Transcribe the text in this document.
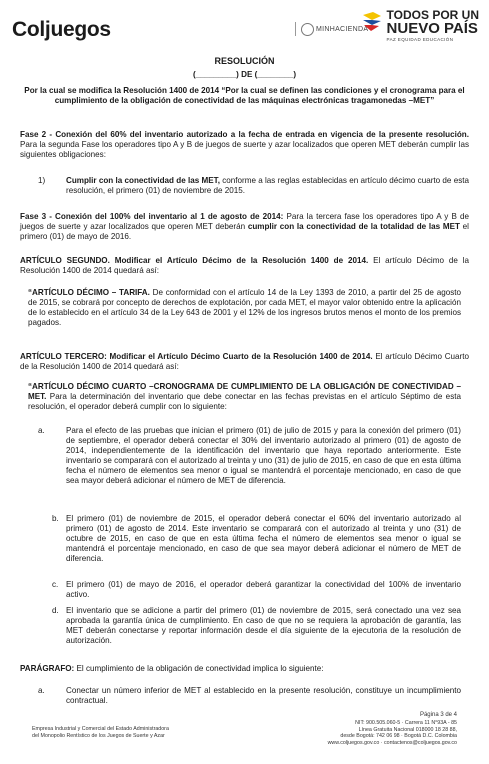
Coljuegos	MINHACIENDA
TODOS POR UN
NUEVO PAÍS
PAZ EQUIDAD EDUCACIÓN
RESOLUCIÓN
(_________) DE (________)
Por la cual se modifica la Resolución 1400 de 2014 “Por la cual se definen las condiciones y el cronograma para el cumplimiento de la obligación de conectividad de las máquinas electrónicas tragamonedas –MET”

Fase 2 - Conexión del 60% del inventario autorizado a la fecha de entrada en vigencia de la presente resolución. Para la segunda Fase los operadores tipo A y B de juegos de suerte y azar localizados que operen MET deberán cumplir las siguientes obligaciones:

1)	Cumplir con la conectividad de las MET, conforme a las reglas establecidas en artículo décimo cuarto de esta resolución, el primero (01) de noviembre de 2015.

Fase 3 - Conexión del 100% del inventario al 1 de agosto de 2014: Para la tercera fase los operadores tipo A y B de juegos de suerte y azar localizados que operen MET deberán cumplir con la conectividad de la totalidad de las MET el primero (01) de mayo de 2016.

ARTÍCULO SEGUNDO. Modificar el Artículo Décimo de la Resolución 1400 de 2014. El artículo Décimo de la Resolución 1400 de 2014 quedará así:

“ARTÍCULO DÉCIMO – TARIFA. De conformidad con el artículo 14 de la Ley 1393 de 2010, a partir del 25 de agosto de 2015, se cobrará por concepto de derechos de explotación, por cada MET, el mayor valor obtenido entre la aplicación de lo establecido en el artículo 34 de la Ley 643 de 2001 y el 12% de los ingresos brutos menos el monto de los premios pagados.

ARTÍCULO TERCERO: Modificar el Artículo Décimo Cuarto de la Resolución 1400 de 2014. El artículo Décimo Cuarto de la Resolución 1400 de 2014 quedará así:

“ARTÍCULO DÉCIMO CUARTO –CRONOGRAMA DE CUMPLIMIENTO DE LA OBLIGACIÓN DE CONECTIVIDAD – MET. Para la determinación del inventario que debe conectar en las fechas previstas en el artículo Séptimo de esta resolución, el operador deberá cumplir con lo siguiente:

a.	Para el efecto de las pruebas que inician el primero (01) de julio de 2015 y para la conexión del primero (01) de septiembre, el operador deberá conectar el 30% del inventario autorizado al primero (01) de agosto de 2014, independientemente de la identificación del inventario que haya reportado anteriormente. Este inventario se comparará con el autorizado al treinta y uno (31) de julio de 2015, en caso de que en esta última fecha el número de elementos sea menor o igual se mantendrá el porcentaje mencionado, en caso de que sea mayor deberá adicionar el número de MET de diferencia.

b. El primero (01) de noviembre de 2015, el operador deberá conectar el 60% del inventario autorizado al primero (01) de agosto de 2014. Este inventario se comparará con el autorizado al treinta y uno (31) de octubre de 2015, en caso de que en esta última fecha el número de elementos sea menor o igual se mantendrá el porcentaje mencionado, en caso de que sea mayor deberá adicionar el número de MET de diferencia.

c. El primero (01) de mayo de 2016, el operador deberá garantizar la conectividad del 100% de inventario activo.

d. El inventario que se adicione a partir del primero (01) de noviembre de 2015, será conectado una vez sea aprobada la garantía única de cumplimiento. En caso de que no se requiera la aprobación de garantía, las MET deberán conectarse y reportar información desde el día siguiente de la ejecutoria de la resolución de autorización.

PARÁGRAFO: El cumplimiento de la obligación de conectividad implica lo siguiente:

a.	Conectar un número inferior de MET al establecido en la presente resolución, constituye un incumplimiento contractual.

Página 3 de 4
Empresa Industrial y Comercial del Estado Administradora
del Monopolio Rentístico de los Juegos de Suerte y Azar
NIT: 900.505.060-5 · Carrera 11 N°93A - 85
Línea Gratuita Nacional 018000 18 28 88,
desde Bogotá: 742 06 98 · Bogotá D.C. Colombia
www.coljuegos.gov.co · contactenos@coljuegos.gov.co
